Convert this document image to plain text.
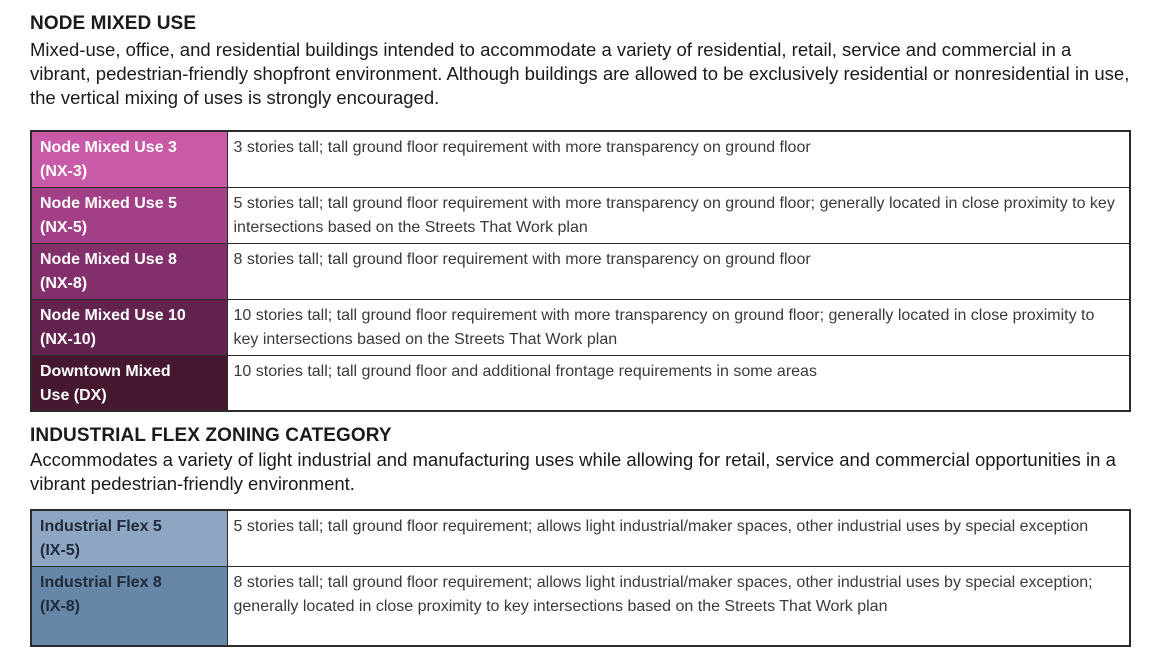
NODE MIXED USE
Mixed-use, office, and residential buildings intended to accommodate a variety of residential, retail, service and commercial in a vibrant, pedestrian-friendly shopfront environment. Although buildings are allowed to be exclusively residential or nonresidential in use, the vertical mixing of uses is strongly encouraged.
Node Mixed Use 3
(NX-3)	3 stories tall; tall ground floor requirement with more transparency on ground floor

Node Mixed Use 5
(NX-5)	5 stories tall; tall ground floor requirement with more transparency on ground floor; generally located in close proximity to key intersections based on the Streets That Work plan

Node Mixed Use 8
(NX-8)	8 stories tall; tall ground floor requirement with more transparency on ground floor

Node Mixed Use 10
(NX-10)	10 stories tall; tall ground floor requirement with more transparency on ground floor; generally located in close proximity to key intersections based on the Streets That Work plan

Downtown Mixed
Use (DX)	10 stories tall; tall ground floor and additional frontage requirements in some areas
INDUSTRIAL FLEX ZONING CATEGORY
Accommodates a variety of light industrial and manufacturing uses while allowing for retail, service and commercial opportunities in a vibrant pedestrian-friendly environment.
Industrial Flex 5
(IX-5)	5 stories tall; tall ground floor requirement; allows light industrial/maker spaces, other industrial uses by special exception

Industrial Flex 8
(IX-8)	8 stories tall; tall ground floor requirement; allows light industrial/maker spaces, other industrial uses by special exception; generally located in close proximity to key intersections based on the Streets That Work plan
